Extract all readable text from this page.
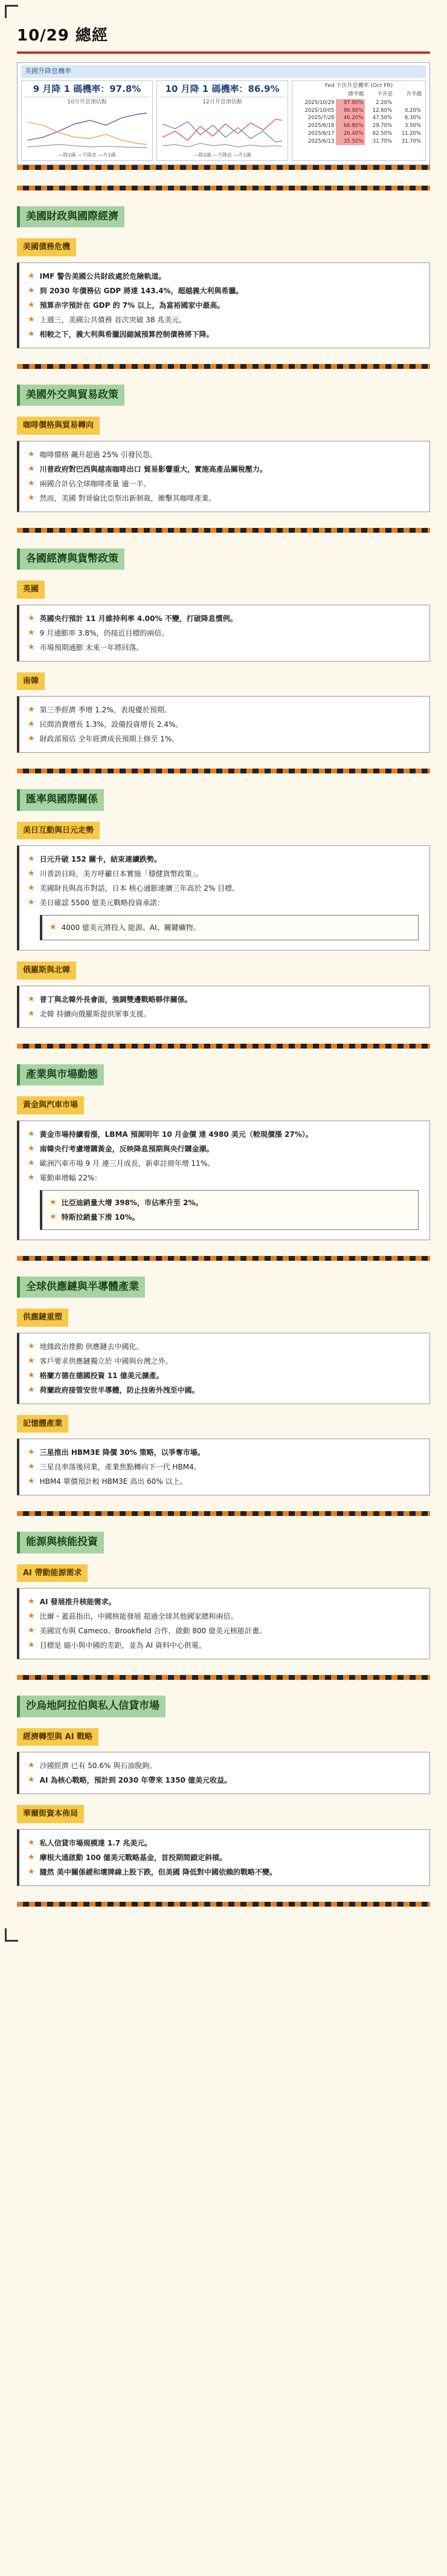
10/29 總經
美國升降息機率
9 月降 1 碼機率：97.8%
10月升息預估點
—降1碼 —不降息 —升1碼
10 月降 1 碼機率：86.9%
12月升息預估點
—降1碼 —不降息 —升1碼
Fed 下次升息機率 (Oct FR)
	降半碼	不升息	升半碼
2025/10/29	97.80%	2.20%	
2025/10/05	86.90%	12.60%	0.20%
2025/7/28	46.20%	47.50%	6.30%
2025/6/18	66.80%	29.70%	3.50%
2025/6/17	26.40%	62.50%	11.20%
2025/6/13	35.50%	31.70%	31.70%
美國財政與國際經濟
美國債務危機
★ IMF 警告美國公共財政處於危險軌道。
★ 到 2030 年債務佔 GDP 將達 143.4%，超越義大利與希臘。
★ 預算赤字預計在 GDP 的 7% 以上，為富裕國家中最高。
★ 上週三，美國公共債務 首次突破 38 兆美元。
★ 相較之下，義大利與希臘因縮減預算控制債務將下降。
美國外交與貿易政策
咖啡價格與貿易轉向
★ 咖啡價格 飆升超過 25% 引發民怨。
★ 川普政府對巴西與越南咖啡出口 貿易影響重大，實施高產品關稅壓力。
★ 兩國合計佔全球咖啡產量 逾一半。
★ 然而，美國 對哥倫比亞祭出新制裁，衝擊其咖啡產業。
各國經濟與貨幣政策
英國
★ 英國央行預計 11 月維持利率 4.00% 不變，打破降息慣例。
★ 9 月通膨率 3.8%，仍接近目標的兩倍。
★ 市場預期通膨 未來一年將回落。
南韓
★ 第三季經濟 季增 1.2%，表現優於預期。
★ 民間消費增長 1.3%，設備投資增長 2.4%。
★ 財政部預估 全年經濟成長預期上修至 1%。
匯率與國際關係
美日互動與日元走勢
★ 日元升破 152 關卡，結束連續跌勢。
★ 川普訪日時，美方呼籲日本實施「穩健貨幣政策」。
★ 美國財長與高市對話，日本 核心通膨連續三年高於 2% 目標。
★ 美日確認 5500 億美元戰略投資承諾：
★ 4000 億美元將投入 能源、AI、關鍵礦物。
俄羅斯與北韓
★ 普丁與北韓外長會面，強調雙邊戰略夥伴關係。
★ 北韓 持續向俄羅斯提供軍事支援。
產業與市場動態
黃金與汽車市場
★ 黃金市場持續看漲，LBMA 預測明年 10 月金價 達 4980 美元（較現價漲 27%）。
★ 南韓央行考慮增購黃金，反映降息預期與央行購金潮。
★ 歐洲汽車市場 9 月 連三月成長，新車註冊年增 11%。
★ 電動車增幅 22%：
★ 比亞迪銷量大增 398%，市佔率升至 2%。
★ 特斯拉銷量下滑 10%。
全球供應鏈與半導體產業
供應鏈重塑
★ 地緣政治推動 供應鏈去中國化。
★ 客戶要求供應鏈獨立於 中國與台灣之外。
★ 格蘭方德在德國投資 11 億美元擴產。
★ 荷蘭政府接管安世半導體，防止技術外洩至中國。
記憶體產業
★ 三星推出 HBM3E 降價 30% 策略，以爭奪市場。
★ 三星良率落後同業，產業焦點轉向下一代 HBM4。
★ HBM4 單價預計較 HBM3E 高出 60% 以上。
能源與核能投資
AI 帶動能源需求
★ AI 發展推升核能需求。
★ 比爾・蓋茲指出，中國核能發展 超過全球其他國家總和兩倍。
★ 美國宣布與 Cameco、Brookfield 合作，啟動 800 億美元核能計畫。
★ 目標是 縮小與中國的差距，並為 AI 資料中心供電。
沙烏地阿拉伯與私人信貸市場
經濟轉型與 AI 戰略
★ 沙國經濟 已有 50.6% 與石油脫鉤。
★ AI 為核心戰略，預計到 2030 年帶來 1350 億美元收益。
華爾街資本佈局
★ 私人信貸市場規模達 1.7 兆美元。
★ 摩根大通啟動 100 億美元戰略基金，首投期間鎖定斜槓。
★ 隨然 美中關係緩和壞牌線上股下跌，但美國 降低對中國依賴的戰略不變。
